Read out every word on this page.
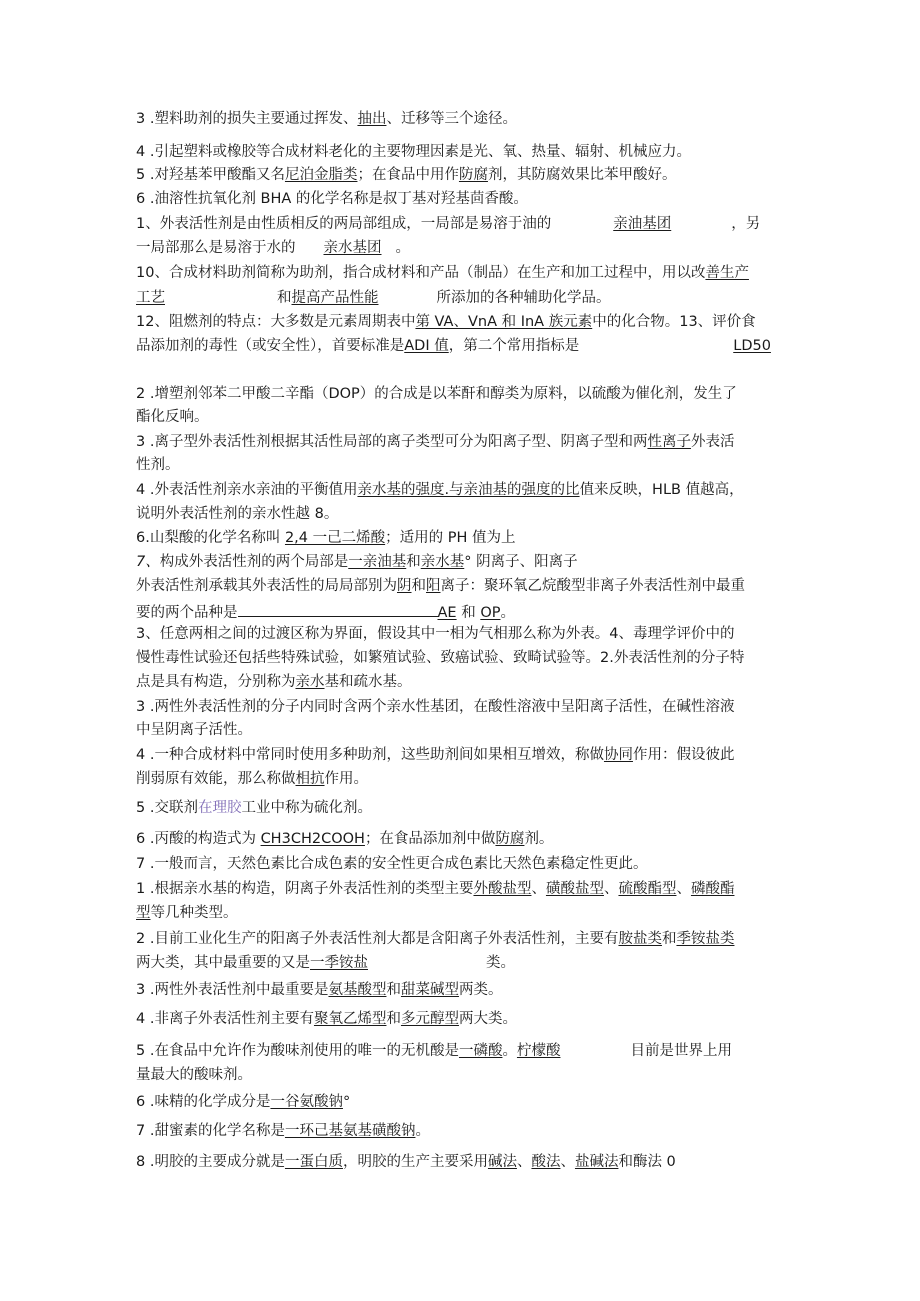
3 .塑料助剂的损失主要通过挥发、抽出、迁移等三个途径。
4 .引起塑料或橡胶等合成材料老化的主要物理因素是光、氧、热量、辐射、机械应力。
5 .对羟基苯甲酸酯又名尼泊金脂类；在食品中用作防腐剂，其防腐效果比苯甲酸好。
6 .油溶性抗氧化剂 BHA 的化学名称是叔丁基对羟基茴香酸。
1、外表活性剂是由性质相反的两局部组成，一局部是易溶于油的	亲油基团	，另
一局部那么是易溶于水的 亲水基团 。
10、合成材料助剂简称为助剂，指合成材料和产品（制品）在生产和加工过程中，用以改善生产
工艺	和提高产品性能	所添加的各种辅助化学品。
12、阻燃剂的特点：大多数是元素周期表中第 VA、VnA 和 InA 族元素中的化合物。13、评价食
品添加剂的毒性（或安全性），首要标准是ADI 值，第二个常用指标是	LD50
2 .增塑剂邻苯二甲酸二辛酯（DOP）的合成是以苯酐和醇类为原料，以硫酸为催化剂，发生了
酯化反响。
3 .离子型外表活性剂根据其活性局部的离子类型可分为阳离子型、阴离子型和两性离子外表活
性剂。
4 .外表活性剂亲水亲油的平衡值用亲水基的强度.与亲油基的强度的比值来反映，HLB 值越高，
说明外表活性剂的亲水性越 8。
6.山梨酸的化学名称叫 2,4 一己二烯酸；适用的 PH 值为上
7、构成外表活性剂的两个局部是一亲油基和亲水基° 阴离子、阳离子
外表活性剂承载其外表活性的局局部别为阴和阳离子：聚环氧乙烷酸型非离子外表活性剂中最重
要的两个品种是	AE 和 OP。
3、任意两相之间的过渡区称为界面，假设其中一相为气相那么称为外表。4、毒理学评价中的
慢性毒性试验还包括些特殊试验，如繁殖试验、致癌试验、致畸试验等。2.外表活性剂的分子特
点是具有构造，分别称为亲水基和疏水基。
3 .两性外表活性剂的分子内同时含两个亲水性基团，在酸性溶液中呈阳离子活性，在碱性溶液
中呈阴离子活性。
4 .一种合成材料中常同时使用多种助剂，这些助剂间如果相互增效，称做协同作用：假设彼此
削弱原有效能，那么称做相抗作用。
5 .交联剂在理胶工业中称为硫化剂。
6 .丙酸的构造式为 CH3CH2COOH；在食品添加剂中做防腐剂。
7 .一般而言，天然色素比合成色素的安全性更合成色素比天然色素稳定性更此。
1 .根据亲水基的构造，阴离子外表活性剂的类型主要外酸盐型、磺酸盐型、硫酸酯型、磷酸酯
型等几种类型。
2 .目前工业化生产的阳离子外表活性剂大都是含阳离子外表活性剂，主要有胺盐类和季铵盐类
两大类，其中最重要的又是一季铵盐	类。
3 .两性外表活性剂中最重要是氨基酸型和甜菜碱型两类。
4 .非离子外表活性剂主要有聚氧乙烯型和多元醇型两大类。
5 .在食品中允许作为酸味剂使用的唯一的无机酸是一磷酸。柠檬酸	目前是世界上用
量最大的酸味剂。
6 .味精的化学成分是一谷氨酸钠°
7 .甜蜜素的化学名称是一环己基氨基磺酸钠。
8 .明胶的主要成分就是一蛋白质，明胶的生产主要采用碱法、酸法、盐碱法和酶法 0
